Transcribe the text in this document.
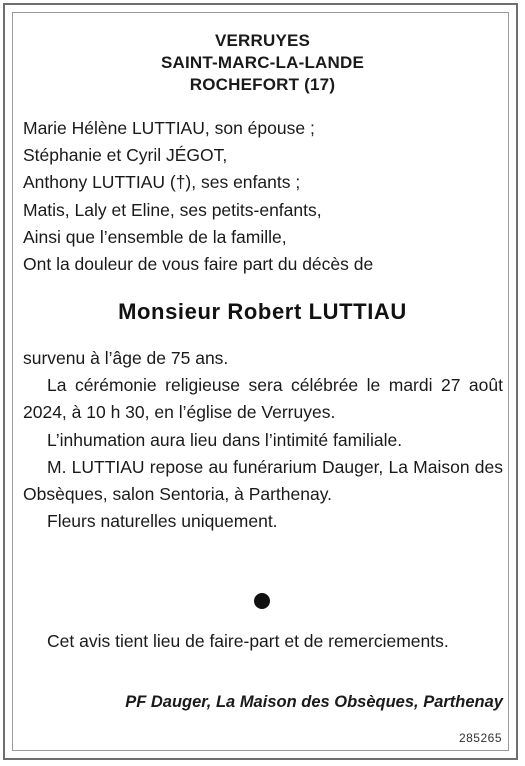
VERRUYES
SAINT-MARC-LA-LANDE
ROCHEFORT (17)
Marie Hélène LUTTIAU, son épouse ;
Stéphanie et Cyril JÉGOT,
Anthony LUTTIAU (†), ses enfants ;
Matis, Laly et Eline, ses petits-enfants,
Ainsi que l’ensemble de la famille,
Ont la douleur de vous faire part du décès de
Monsieur Robert LUTTIAU

survenu à l’âge de 75 ans.

La cérémonie religieuse sera célébrée le mardi 27 août 2024, à 10 h 30, en l’église de Verruyes.

L’inhumation aura lieu dans l’intimité familiale.

M. LUTTIAU repose au funérarium Dauger, La Maison des Obsèques, salon Sentoria, à Parthenay.

Fleurs naturelles uniquement.

Cet avis tient lieu de faire-part et de remerciements.

PF Dauger, La Maison des Obsèques, Parthenay
285265
